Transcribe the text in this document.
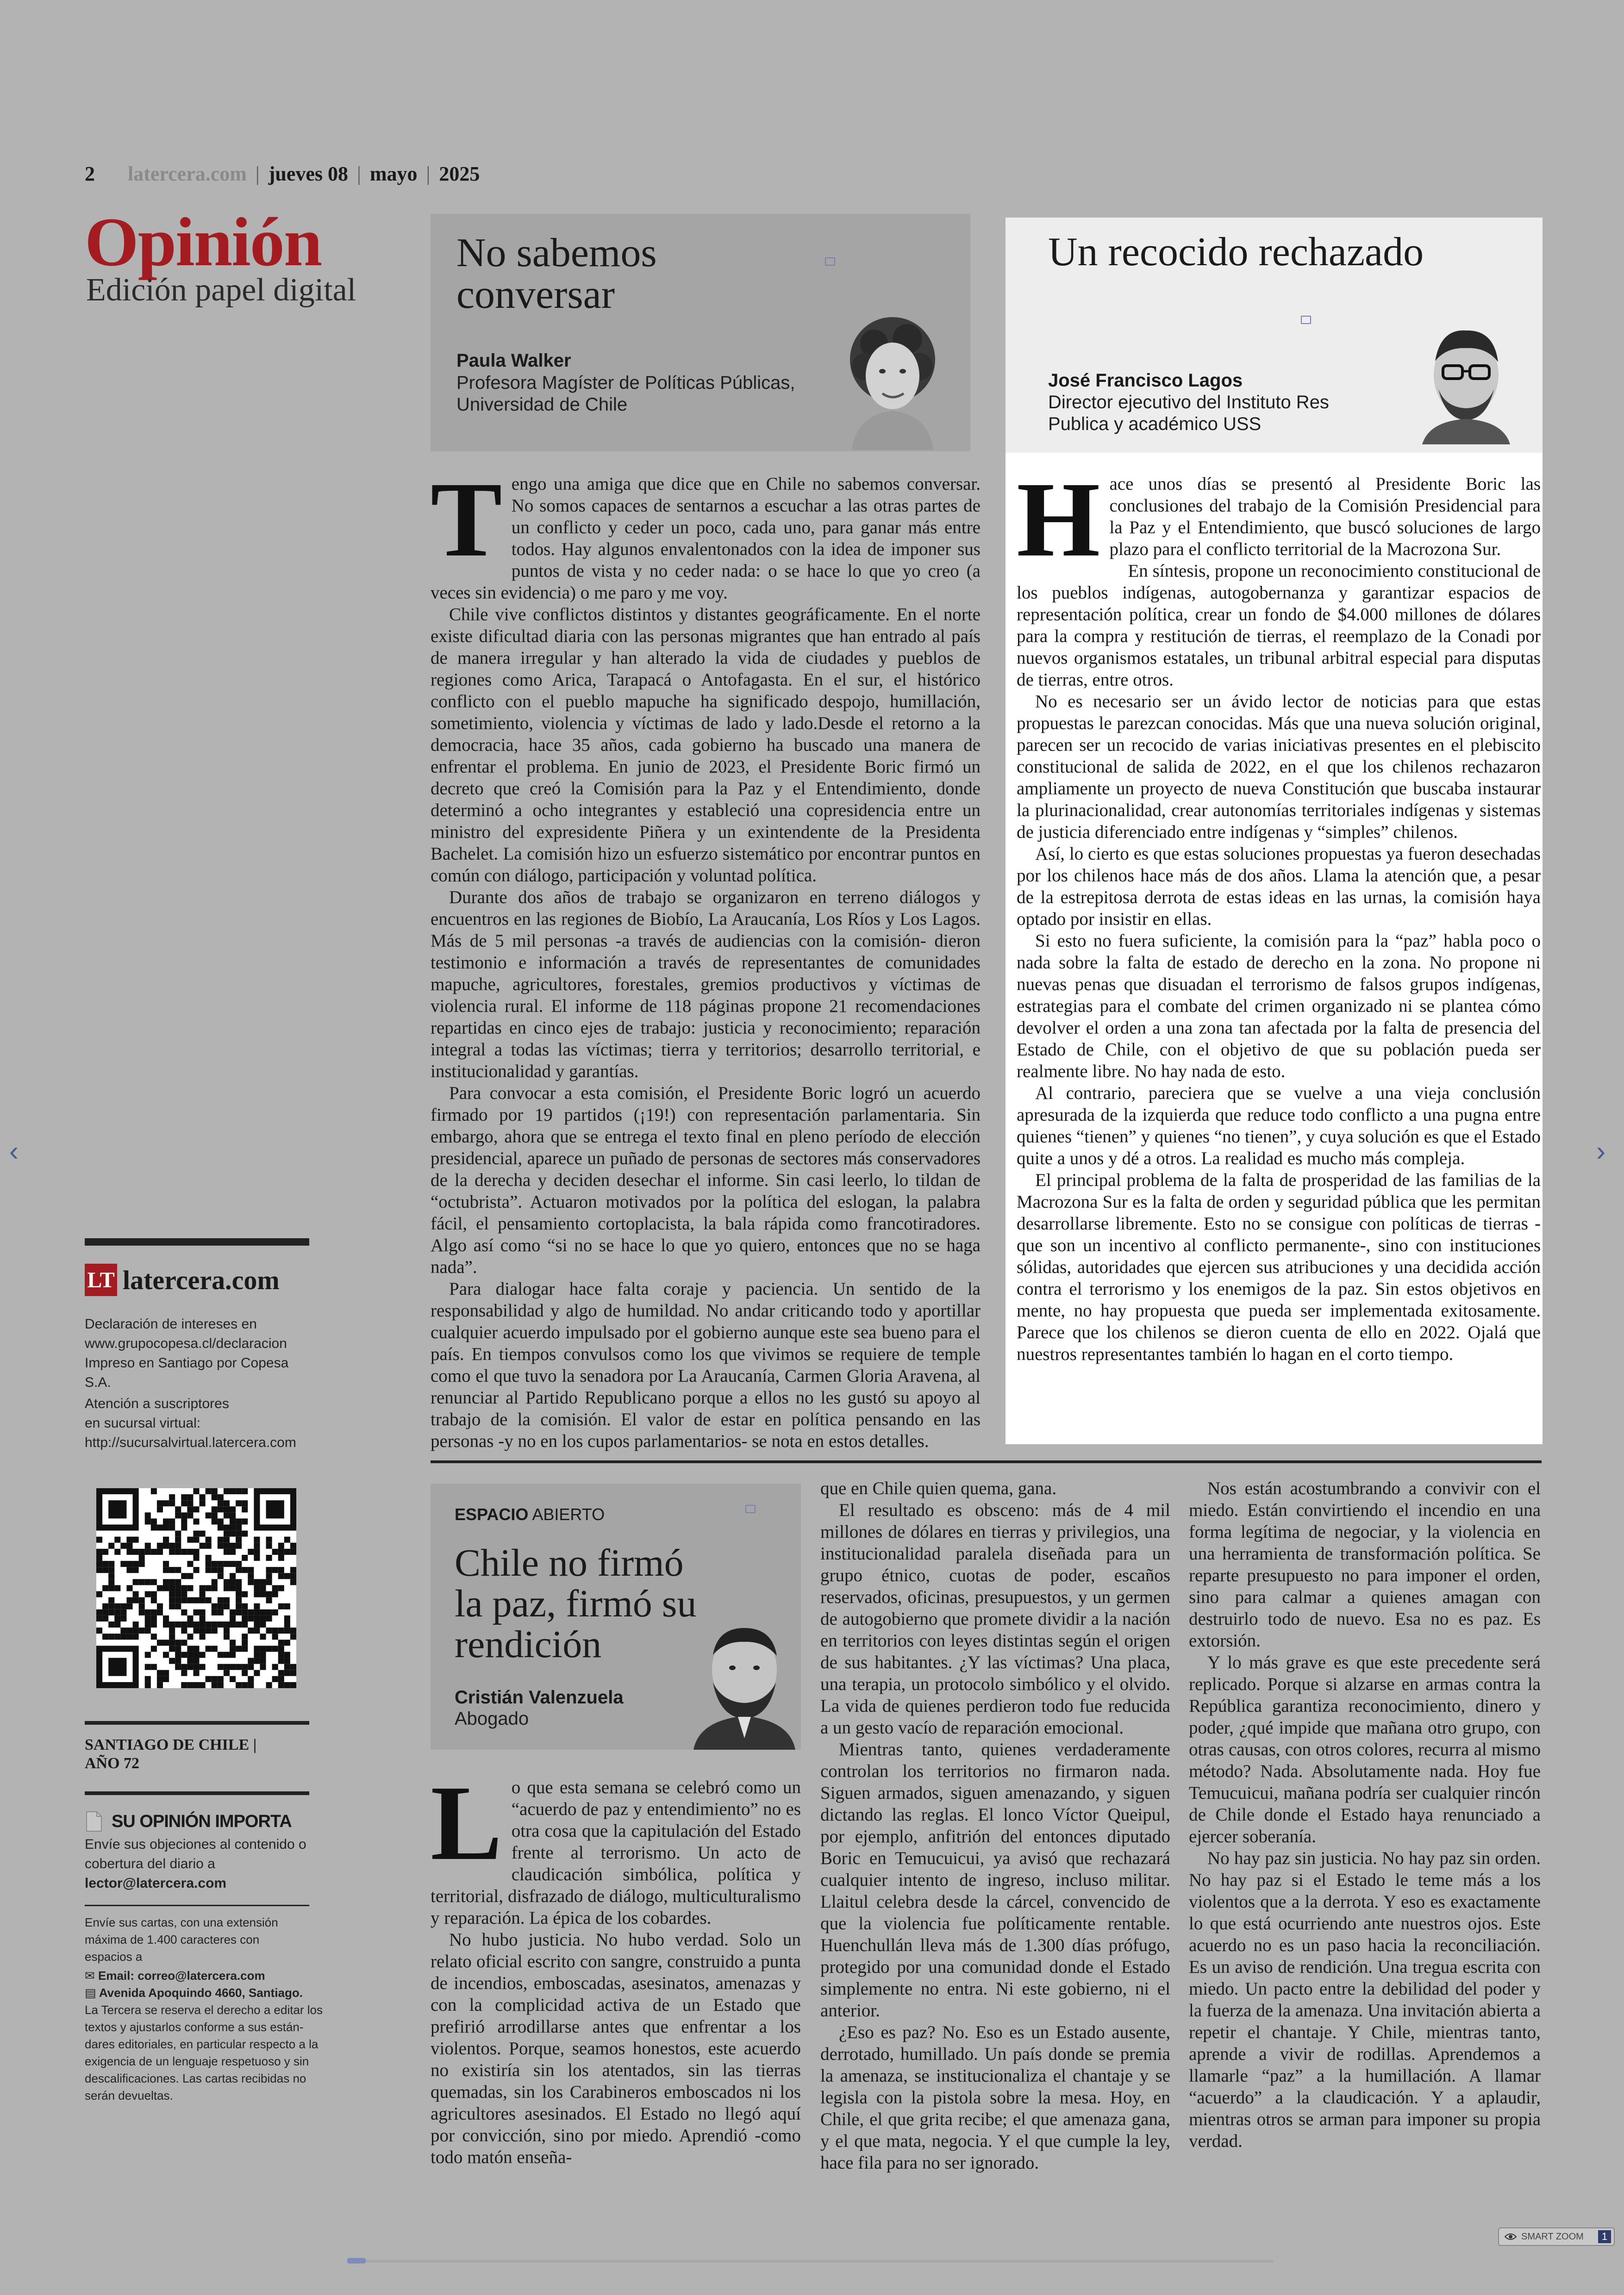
2 latercera.com | jueves 08 | mayo | 2025
Opinión
Edición papel digital
No sabemos
conversar
Paula Walker
Profesora Magíster de Políticas Públicas,
Universidad de Chile
Un recocido rechazado
José Francisco Lagos
Director ejecutivo del Instituto Res
Publica y académico USS
T engo una amiga que dice que en Chile no sabemos conversar. No somos capaces de sentarnos a escuchar a las otras partes de un conflicto y ceder un poco, cada uno, para ganar más entre todos. Hay algunos envalentonados con la idea de imponer sus puntos de vista y no ceder nada: o se hace lo que yo creo (a veces sin evidencia) o me paro y me voy.

Chile vive conflictos distintos y distantes geográficamente. En el norte existe dificultad diaria con las personas migrantes que han entrado al país de manera irregular y han alterado la vida de ciudades y pueblos de regiones como Arica, Tarapacá o Antofagasta. En el sur, el histórico conflicto con el pueblo mapuche ha significado despojo, humillación, sometimiento, violencia y víctimas de lado y lado.Desde el retorno a la democracia, hace 35 años, cada gobierno ha buscado una manera de enfrentar el problema. En junio de 2023, el Presidente Boric firmó un decreto que creó la Comisión para la Paz y el Entendimiento, donde determinó a ocho integrantes y estableció una copresidencia entre un ministro del expresidente Piñera y un exintendente de la Presidenta Bachelet. La comisión hizo un esfuerzo sistemático por encontrar puntos en común con diálogo, participación y voluntad política.

Durante dos años de trabajo se organizaron en terreno diálogos y encuentros en las regiones de Biobío, La Araucanía, Los Ríos y Los Lagos. Más de 5 mil personas -a través de audiencias con la comisión- dieron testimonio e información a través de representantes de comunidades mapuche, agricultores, forestales, gremios productivos y víctimas de violencia rural. El informe de 118 páginas propone 21 recomendaciones repartidas en cinco ejes de trabajo: justicia y reconocimiento; reparación integral a todas las víctimas; tierra y territorios; desarrollo territorial, e institucionalidad y garantías.

Para convocar a esta comisión, el Presidente Boric logró un acuerdo firmado por 19 partidos (¡19!) con representación parlamentaria. Sin embargo, ahora que se entrega el texto final en pleno período de elección presidencial, aparece un puñado de personas de sectores más conservadores de la derecha y deciden desechar el informe. Sin casi leerlo, lo tildan de “octubrista”. Actuaron motivados por la política del eslogan, la palabra fácil, el pensamiento cortoplacista, la bala rápida como francotiradores. Algo así como “si no se hace lo que yo quiero, entonces que no se haga nada”.

Para dialogar hace falta coraje y paciencia. Un sentido de la responsabilidad y algo de humildad. No andar criticando todo y aportillar cualquier acuerdo impulsado por el gobierno aunque este sea bueno para el país. En tiempos convulsos como los que vivimos se requiere de temple como el que tuvo la senadora por La Araucanía, Carmen Gloria Aravena, al renunciar al Partido Republicano porque a ellos no les gustó su apoyo al trabajo de la comisión. El valor de estar en política pensando en las personas -y no en los cupos parlamentarios- se nota en estos detalles.

H ace unos días se presentó al Presidente Boric las conclusiones del trabajo de la Comisión Presidencial para la Paz y el Entendimiento, que buscó soluciones de largo plazo para el conflicto territorial de la Macrozona Sur.

En síntesis, propone un reconocimiento constitucional de los pueblos indígenas, autogobernanza y garantizar espacios de representación política, crear un fondo de $4.000 millones de dólares para la compra y restitución de tierras, el reemplazo de la Conadi por nuevos organismos estatales, un tribunal arbitral especial para disputas de tierras, entre otros.

No es necesario ser un ávido lector de noticias para que estas propuestas le parezcan conocidas. Más que una nueva solución original, parecen ser un recocido de varias iniciativas presentes en el plebiscito constitucional de salida de 2022, en el que los chilenos rechazaron ampliamente un proyecto de nueva Constitución que buscaba instaurar la plurinacionalidad, crear autonomías territoriales indígenas y sistemas de justicia diferenciado entre indígenas y “simples” chilenos.

Así, lo cierto es que estas soluciones propuestas ya fueron desechadas por los chilenos hace más de dos años. Llama la atención que, a pesar de la estrepitosa derrota de estas ideas en las urnas, la comisión haya optado por insistir en ellas.

Si esto no fuera suficiente, la comisión para la “paz” habla poco o nada sobre la falta de estado de derecho en la zona. No propone ni nuevas penas que disuadan el terrorismo de falsos grupos indígenas, estrategias para el combate del crimen organizado ni se plantea cómo devolver el orden a una zona tan afectada por la falta de presencia del Estado de Chile, con el objetivo de que su población pueda ser realmente libre. No hay nada de esto.

Al contrario, pareciera que se vuelve a una vieja conclusión apresurada de la izquierda que reduce todo conflicto a una pugna entre quienes “tienen” y quienes “no tienen”, y cuya solución es que el Estado quite a unos y dé a otros. La realidad es mucho más compleja.

El principal problema de la falta de prosperidad de las familias de la Macrozona Sur es la falta de orden y seguridad pública que les permitan desarrollarse libremente. Esto no se consigue con políticas de tierras -que son un incentivo al conflicto permanente-, sino con instituciones sólidas, autoridades que ejercen sus atribuciones y una decidida acción contra el terrorismo y los enemigos de la paz. Sin estos objetivos en mente, no hay propuesta que pueda ser implementada exitosamente. Parece que los chilenos se dieron cuenta de ello en 2022. Ojalá que nuestros representantes también lo hagan en el corto tiempo.

ESPACIO ABIERTO
Chile no firmó
la paz, firmó su
rendición
Cristián Valenzuela
Abogado
L o que esta semana se celebró como un “acuerdo de paz y entendimiento” no es otra cosa que la capitulación del Estado frente al terrorismo. Un acto de claudicación simbólica, política y territorial, disfrazado de diálogo, multiculturalismo y reparación. La épica de los cobardes.

No hubo justicia. No hubo verdad. Solo un relato oficial escrito con sangre, construido a punta de incendios, emboscadas, asesinatos, amenazas y con la complicidad activa de un Estado que prefirió arrodillarse antes que enfrentar a los violentos. Porque, seamos honestos, este acuerdo no existiría sin los atentados, sin las tierras quemadas, sin los Carabineros emboscados ni los agricultores asesinados. El Estado no llegó aquí por convicción, sino por miedo. Aprendió -como todo matón enseña-

que en Chile quien quema, gana.

El resultado es obsceno: más de 4 mil millones de dólares en tierras y privilegios, una institucionalidad paralela diseñada para un grupo étnico, cuotas de poder, escaños reservados, oficinas, presupuestos, y un germen de autogobierno que promete dividir a la nación en territorios con leyes distintas según el origen de sus habitantes. ¿Y las víctimas? Una placa, una terapia, un protocolo simbólico y el olvido. La vida de quienes perdieron todo fue reducida a un gesto vacío de reparación emocional.

Mientras tanto, quienes verdaderamente controlan los territorios no firmaron nada. Siguen armados, siguen amenazando, y siguen dictando las reglas. El lonco Víctor Queipul, por ejemplo, anfitrión del entonces diputado Boric en Temucuicui, ya avisó que rechazará cualquier intento de ingreso, incluso militar. Llaitul celebra desde la cárcel, convencido de que la violencia fue políticamente rentable. Huenchullán lleva más de 1.300 días prófugo, protegido por una comunidad donde el Estado simplemente no entra. Ni este gobierno, ni el anterior.

¿Eso es paz? No. Eso es un Estado ausente, derrotado, humillado. Un país donde se premia la amenaza, se institucionaliza el chantaje y se legisla con la pistola sobre la mesa. Hoy, en Chile, el que grita recibe; el que amenaza gana, y el que mata, negocia. Y el que cumple la ley, hace fila para no ser ignorado.

Nos están acostumbrando a convivir con el miedo. Están convirtiendo el incendio en una forma legítima de negociar, y la violencia en una herramienta de transformación política. Se reparte presupuesto no para imponer el orden, sino para calmar a quienes amagan con destruirlo todo de nuevo. Esa no es paz. Es extorsión.

Y lo más grave es que este precedente será replicado. Porque si alzarse en armas contra la República garantiza reconocimiento, dinero y poder, ¿qué impide que mañana otro grupo, con otras causas, con otros colores, recurra al mismo método? Nada. Absolutamente nada. Hoy fue Temucuicui, mañana podría ser cualquier rincón de Chile donde el Estado haya renunciado a ejercer soberanía.

No hay paz sin justicia. No hay paz sin orden. No hay paz si el Estado le teme más a los violentos que a la derrota. Y eso es exactamente lo que está ocurriendo ante nuestros ojos. Este acuerdo no es un paso hacia la reconciliación. Es un aviso de rendición. Una tregua escrita con miedo. Un pacto entre la debilidad del poder y la fuerza de la amenaza. Una invitación abierta a repetir el chantaje. Y Chile, mientras tanto, aprende a vivir de rodillas. Aprendemos a llamarle “paz” a la humillación. A llamar “acuerdo” a la claudicación. Y a aplaudir, mientras otros se arman para imponer su propia verdad.

LT latercera.com
Declaración de intereses en
www.grupocopesa.cl/declaracion
Impreso en Santiago por Copesa S.A.
Atención a suscriptores
en sucursal virtual:
http://sucursalvirtual.latercera.com
SANTIAGO DE CHILE |
AÑO 72
SU OPINIÓN IMPORTA
Envíe sus objeciones al contenido o
cobertura del diario a
lector@latercera.com
Envíe sus cartas, con una extensión
máxima de 1.400 caracteres con
espacios a
✉ Email: correo@latercera.com
▤ Avenida Apoquindo 4660, Santiago.
La Tercera se reserva el derecho a editar los
textos y ajustarlos conforme a sus están-
dares editoriales, en particular respecto a la
exigencia de un lenguaje respetuoso y sin
descalificaciones. Las cartas recibidas no
serán devueltas.
‹	›
SMART ZOOM	1
